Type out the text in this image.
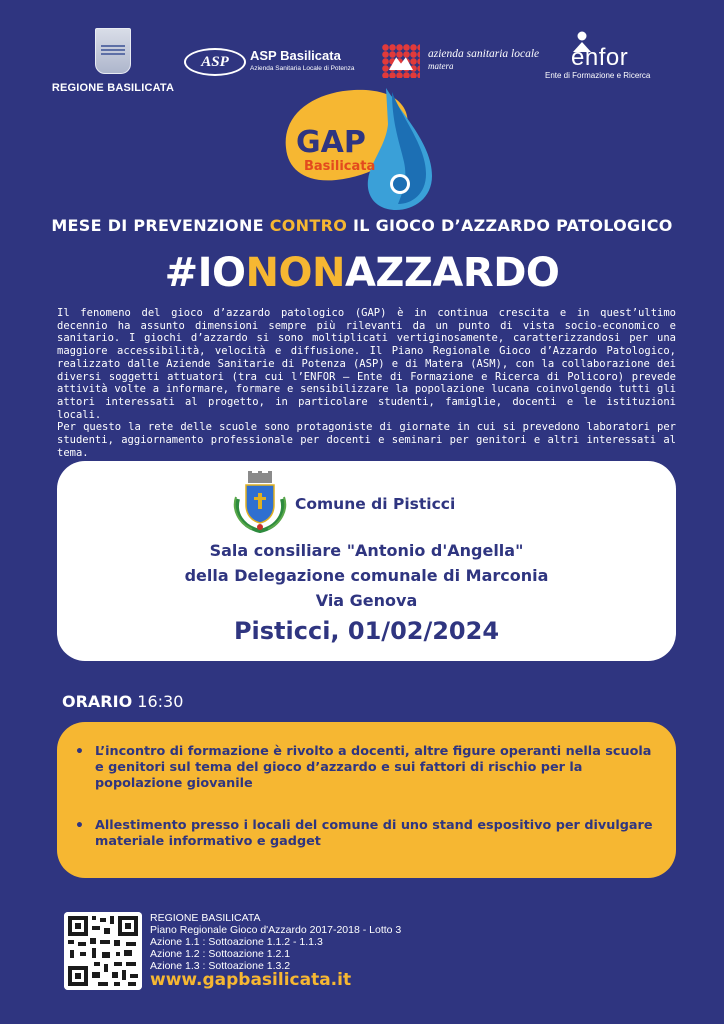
REGIONE BASILICATA
ASP	ASP Basilicata
Azienda Sanitaria Locale di Potenza
azienda sanitaria locale
matera	enfor
Ente di Formazione e Ricerca
GAP
Basilicata
MESE DI PREVENZIONE CONTRO IL GIOCO D’AZZARDO PATOLOGICO
#IONONAZZARDO

Il fenomeno del gioco d’azzardo patologico (GAP) è in continua crescita e in quest’ultimo decennio ha assunto dimensioni sempre più rilevanti da un punto di vista socio-economico e sanitario. I giochi d’azzardo si sono moltiplicati vertiginosamente, caratterizzandosi per una maggiore accessibilità, velocità e diffusione. Il Piano Regionale Gioco d’Azzardo Patologico, realizzato dalle Aziende Sanitarie di Potenza (ASP) e di Matera (ASM), con la collaborazione dei diversi soggetti attuatori (tra cui l’ENFOR – Ente di Formazione e Ricerca di Policoro) prevede attività volte a informare, formare e sensibilizzare la popolazione lucana coinvolgendo tutti gli attori interessati al progetto, in particolare studenti, famiglie, docenti e le istituzioni locali.

Per questo la rete delle scuole sono protagoniste di giornate in cui si prevedono laboratori per studenti, aggiornamento professionale per docenti e seminari per genitori e altri interessati al tema.

Comune di Pisticci
Sala consiliare "Antonio d'Angella"
della Delegazione comunale di Marconia
Via Genova
Pisticci, 01/02/2024
ORARIO 16:30
• L’incontro di formazione è rivolto a docenti, altre figure operanti nella scuola e genitori sul tema del gioco d’azzardo e sui fattori di rischio per la popolazione giovanile
• Allestimento presso i locali del comune di uno stand espositivo per divulgare materiale informativo e gadget
REGIONE BASILICATA
Piano Regionale Gioco d'Azzardo 2017-2018 - Lotto 3
Azione 1.1 : Sottoazione 1.1.2 - 1.1.3
Azione 1.2 : Sottoazione 1.2.1
Azione 1.3 : Sottoazione 1.3.2
www.gapbasilicata.it
